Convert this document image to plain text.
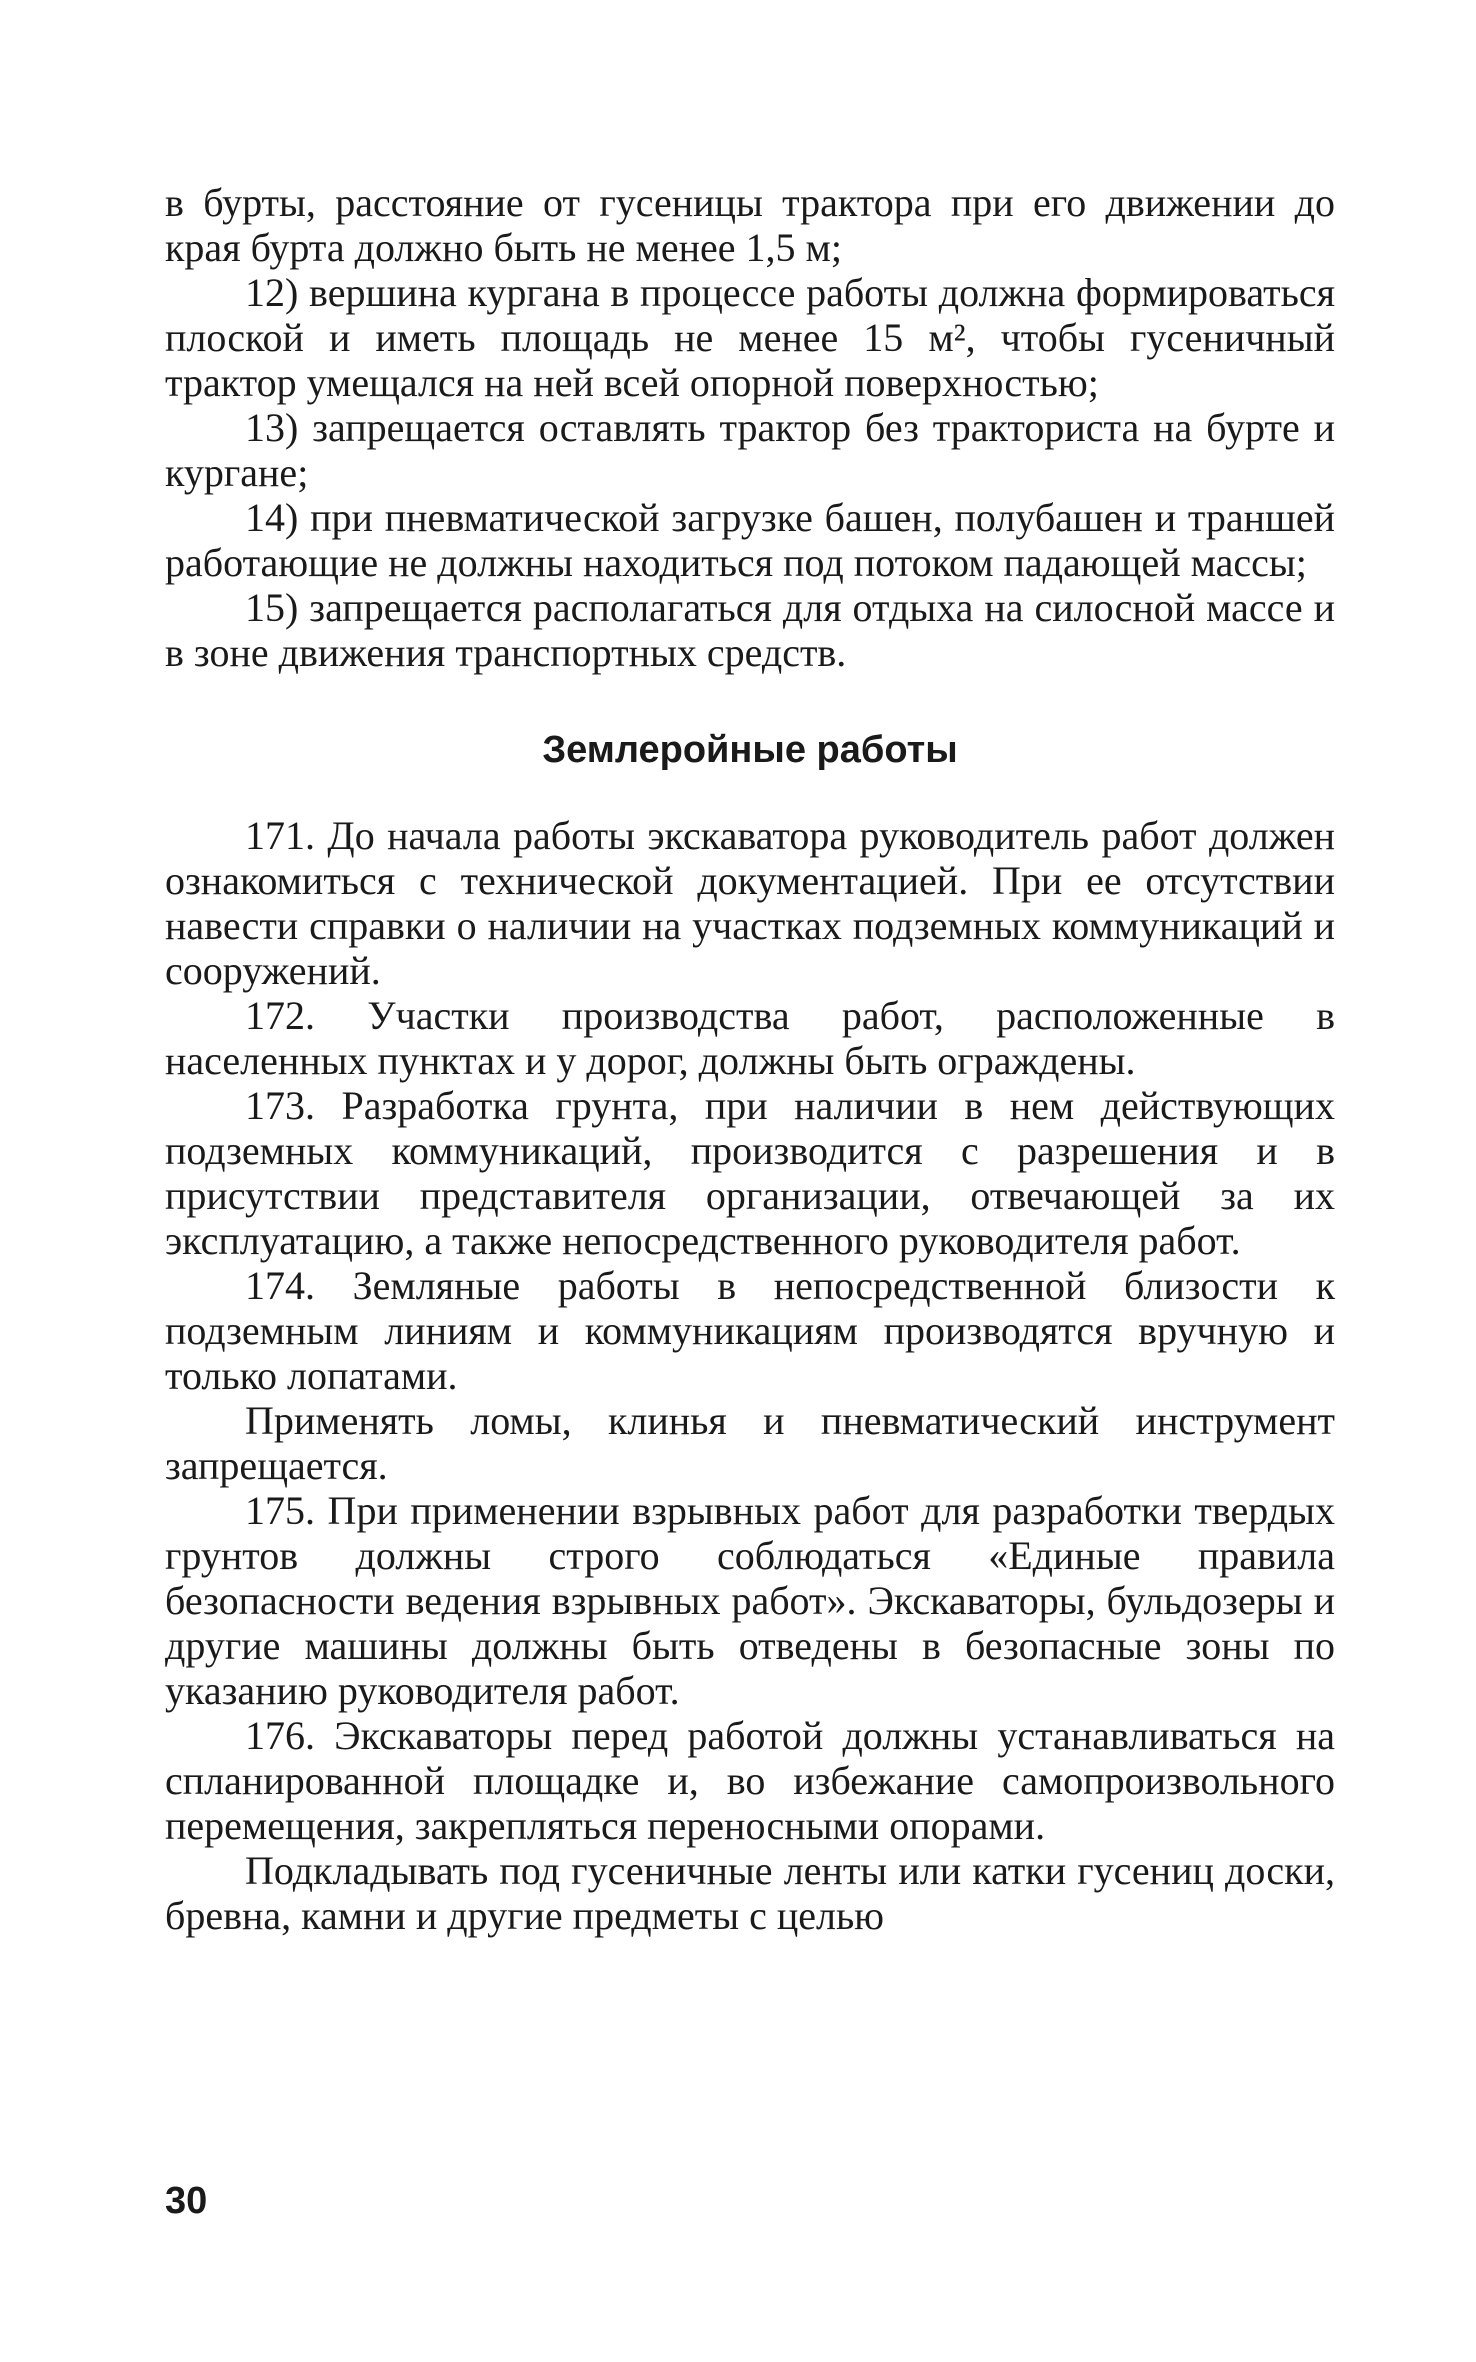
в бурты, расстояние от гусеницы трактора при его движении до края бурта должно быть не менее 1,5 м;

12) вершина кургана в процессе работы должна формироваться плоской и иметь площадь не менее 15 м², чтобы гусеничный трактор умещался на ней всей опорной поверхностью;

13) запрещается оставлять трактор без тракториста на бурте и кургане;

14) при пневматической загрузке башен, полубашен и траншей работающие не должны находиться под потоком падающей массы;

15) запрещается располагаться для отдыха на силосной массе и в зоне движения транспортных средств.

Землеройные работы

171. До начала работы экскаватора руководитель работ должен ознакомиться с технической документацией. При ее отсутствии навести справки о наличии на участках подземных коммуникаций и сооружений.

172. Участки производства работ, расположенные в населенных пунктах и у дорог, должны быть ограждены.

173. Разработка грунта, при наличии в нем действующих подземных коммуникаций, производится с разрешения и в присутствии представителя организации, отвечающей за их эксплуатацию, а также непосредственного руководителя работ.

174. Земляные работы в непосредственной близости к подземным линиям и коммуникациям производятся вручную и только лопатами.

Применять ломы, клинья и пневматический инструмент запрещается.

175. При применении взрывных работ для разработки твердых грунтов должны строго соблюдаться «Единые правила безопасности ведения взрывных работ». Экскаваторы, бульдозеры и другие машины должны быть отведены в безопасные зоны по указанию руководителя работ.

176. Экскаваторы перед работой должны устанавливаться на спланированной площадке и, во избежание самопроизвольного перемещения, закрепляться переносными опорами.

Подкладывать под гусеничные ленты или катки гусениц доски, бревна, камни и другие предметы с целью

30
